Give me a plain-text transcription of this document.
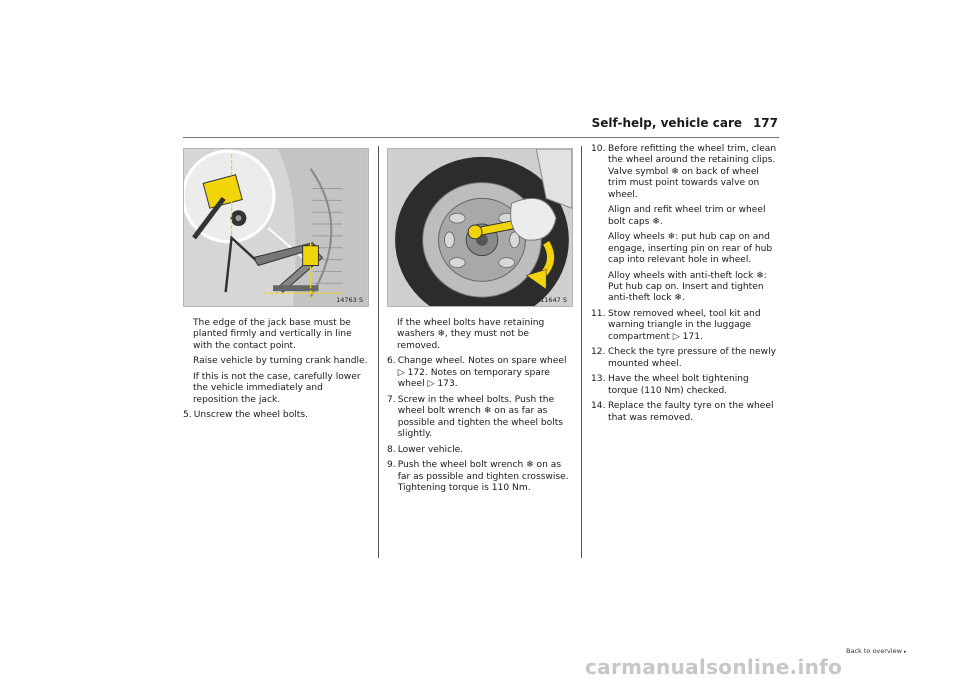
Self-help, vehicle care 177
14763 S	11647 S

The edge of the jack base must be planted firmly and vertically in line with the contact point.

Raise vehicle by turning crank handle.

If this is not the case, carefully lower the vehicle immediately and reposition the jack.

5. Unscrew the wheel bolts.

If the wheel bolts have retaining washers ❄, they must not be removed.

6. Change wheel. Notes on spare wheel ▷ 172. Notes on temporary spare wheel ▷ 173.
7. Screw in the wheel bolts. Push the wheel bolt wrench ❄ on as far as possible and tighten the wheel bolts slightly.
8. Lower vehicle.
9. Push the wheel bolt wrench ❄ on as far as possible and tighten crosswise. Tightening torque is 110 Nm.
10. Before refitting the wheel trim, clean the wheel around the retaining clips. Valve symbol ❄ on back of wheel trim must point towards valve on wheel.

Align and refit wheel trim or wheel bolt caps ❄.

Alloy wheels ❄: put hub cap on and engage, inserting pin on rear of hub cap into relevant hole in wheel.

Alloy wheels with anti-theft lock ❄: Put hub cap on. Insert and tighten anti-theft lock ❄.

11. Stow removed wheel, tool kit and warning triangle in the luggage compartment ▷ 171.
12. Check the tyre pressure of the newly mounted wheel.
13. Have the wheel bolt tightening torque (110 Nm) checked.
14. Replace the faulty tyre on the wheel that was removed.
Back to overview ▸
carmanualsonline.info
